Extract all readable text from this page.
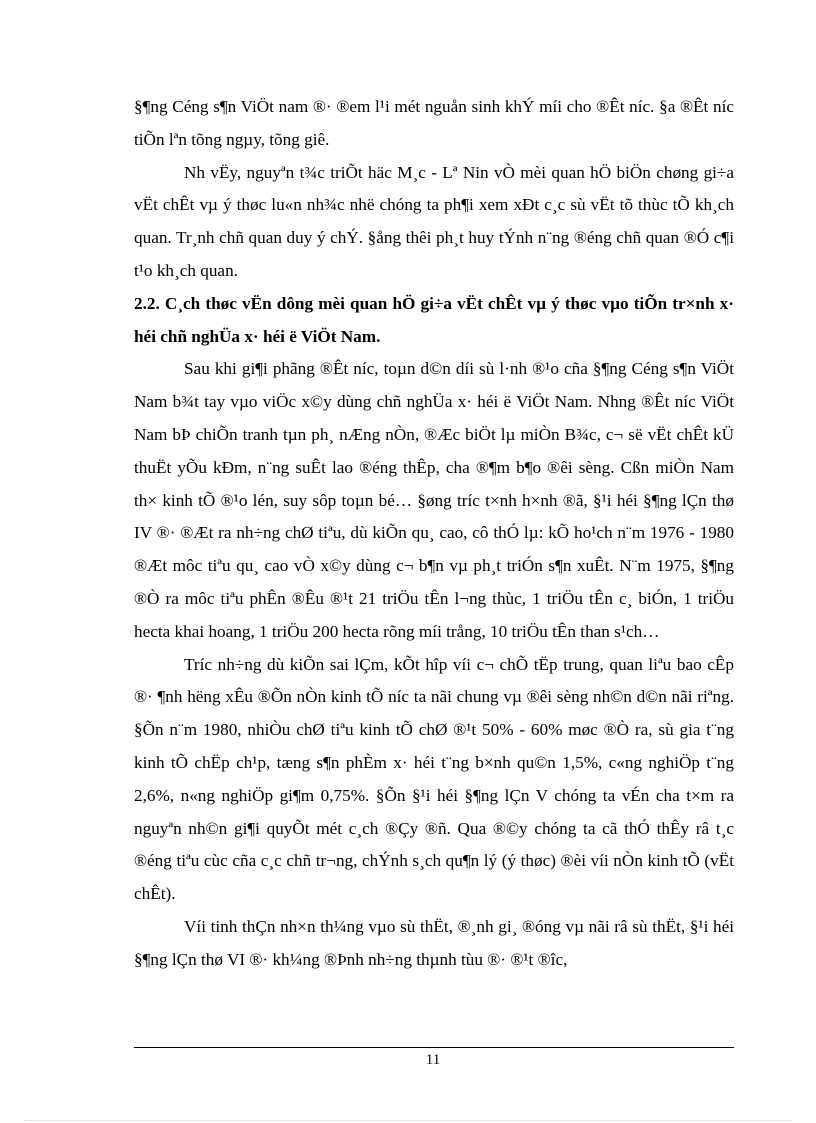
§¶ng Céng s¶n ViÖt nam ®· ®em l¹i mét nguån sinh khÝ míi cho ®Êt níc. §a ®Êt níc tiÕn lªn tõng ngµy, tõng giê.

Nh vËy, nguyªn t¾c triÕt häc M¸c - Lª Nin vÒ mèi quan hÖ biÖn chøng gi÷a vËt chÊt vµ ý thøc lu«n nh¾c nhë chóng ta ph¶i xem xÐt c¸c sù vËt tõ thùc tÕ kh¸ch quan. Tr¸nh chñ quan duy ý chÝ. §ång thêi ph¸t huy tÝnh n¨ng ®éng chñ quan ®Ó c¶i t¹o kh¸ch quan.

2.2. C¸ch thøc vËn dông mèi quan hÖ gi÷a vËt chÊt vµ ý thøc vµo tiÕn tr×nh x· héi chñ nghÜa x· héi ë ViÖt Nam.

Sau khi gi¶i phãng ®Êt níc, toµn d©n díi sù l·nh ®¹o cña §¶ng Céng s¶n ViÖt Nam b¾t tay vµo viÖc x©y dùng chñ nghÜa x· héi ë ViÖt Nam. Nhng ®Êt níc ViÖt Nam bÞ chiÕn tranh tµn ph¸ nÆng nÒn, ®Æc biÖt lµ miÒn B¾c, c¬ së vËt chÊt kÜ thuËt yÕu kÐm, n¨ng suÊt lao ®éng thÊp, cha ®¶m b¶o ®êi sèng. Cßn miÒn Nam th× kinh tÕ ®¹o lén, suy sôp toµn bé… §øng tríc t×nh h×nh ®ã, §¹i héi §¶ng lÇn thø IV ®· ®Æt ra nh÷ng chØ tiªu, dù kiÕn qu¸ cao, cô thÓ lµ: kÕ ho¹ch n¨m 1976 - 1980 ®Æt môc tiªu qu¸ cao vÒ x©y dùng c¬ b¶n vµ ph¸t triÓn s¶n xuÊt. N¨m 1975, §¶ng ®Ò ra môc tiªu phÊn ®Êu ®¹t 21 triÖu tÊn l¬ng thùc, 1 triÖu tÊn c¸ biÓn, 1 triÖu hecta khai hoang, 1 triÖu 200 hecta rõng míi trång, 10 triÖu tÊn than s¹ch…

Tríc nh÷ng dù kiÕn sai lÇm, kÕt hîp víi c¬ chÕ tËp trung, quan liªu bao cÊp ®· ¶nh hëng xÊu ®Õn nÒn kinh tÕ níc ta nãi chung vµ ®êi sèng nh©n d©n nãi riªng. §Õn n¨m 1980, nhiÒu chØ tiªu kinh tÕ chØ ®¹t 50% - 60% møc ®Ò ra, sù gia t¨ng kinh tÕ chËp ch¹p, tæng s¶n phÈm x· héi t¨ng b×nh qu©n 1,5%, c«ng nghiÖp t¨ng 2,6%, n«ng nghiÖp gi¶m 0,75%. §Õn §¹i héi §¶ng lÇn V chóng ta vÉn cha t×m ra nguyªn nh©n gi¶i quyÕt mét c¸ch ®Çy ®ñ. Qua ®©y chóng ta cã thÓ thÊy râ t¸c ®éng tiªu cùc cña c¸c chñ tr¬ng, chÝnh s¸ch qu¶n lý (ý thøc) ®èi víi nÒn kinh tÕ (vËt chÊt).

Víi tinh thÇn nh×n th¼ng vµo sù thËt, ®¸nh gi¸ ®óng vµ nãi râ sù thËt, §¹i héi §¶ng lÇn thø VI ®· kh¼ng ®Þnh nh÷ng thµnh tùu ®· ®¹t ®îc,

11
